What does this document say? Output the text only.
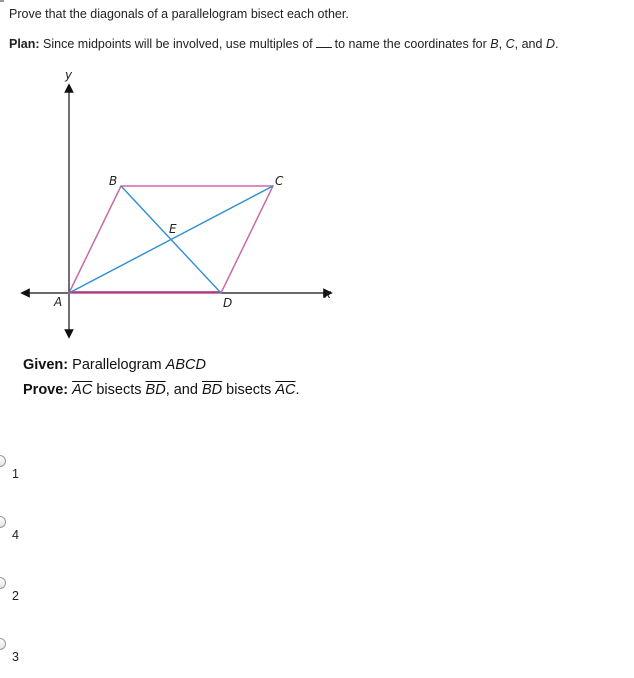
Prove that the diagonals of a parallelogram bisect each other.
Plan: Since midpoints will be involved, use multiples of to name the coordinates for B, C, and D.
y
x
A
B	C
D
E
Given: Parallelogram ABCD
Prove: $\overline{AC}$ bisects $\overline{BD}$, and $\overline{BD}$ bisects $\overline{AC}$.
1
4
2
3
